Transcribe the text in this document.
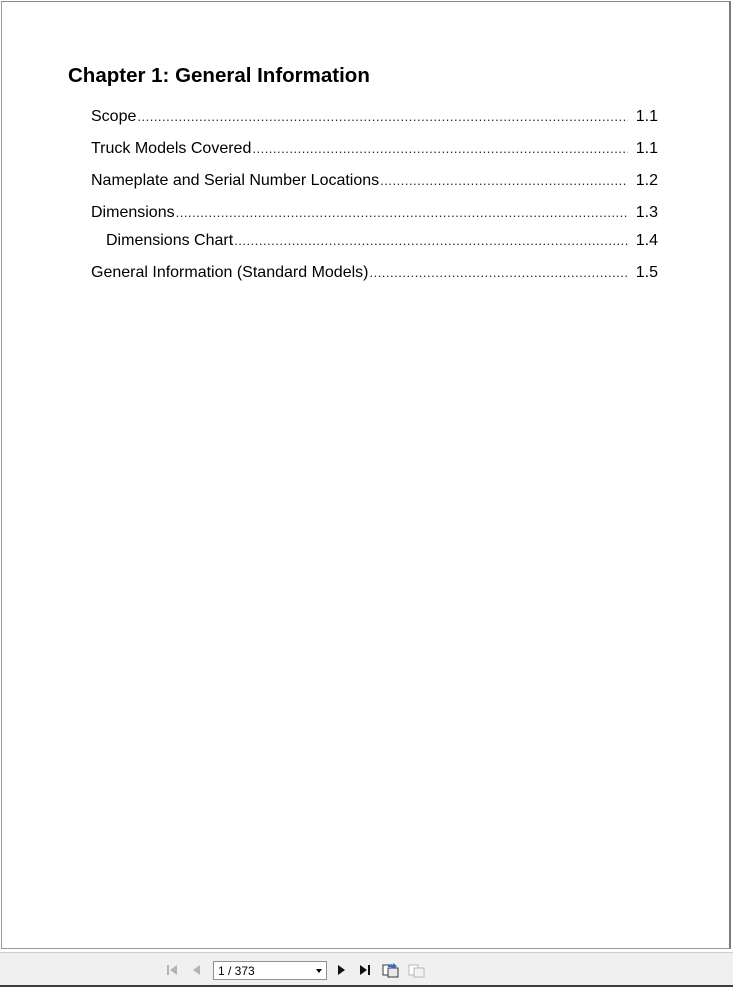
Chapter 1: General Information
Scope .....	1.1
Truck Models Covered .....	1.1
Nameplate and Serial Number Locations .....	1.2
Dimensions .....	1.3
Dimensions Chart .....	1.4
General Information (Standard Models) .....	1.5
1 / 373
